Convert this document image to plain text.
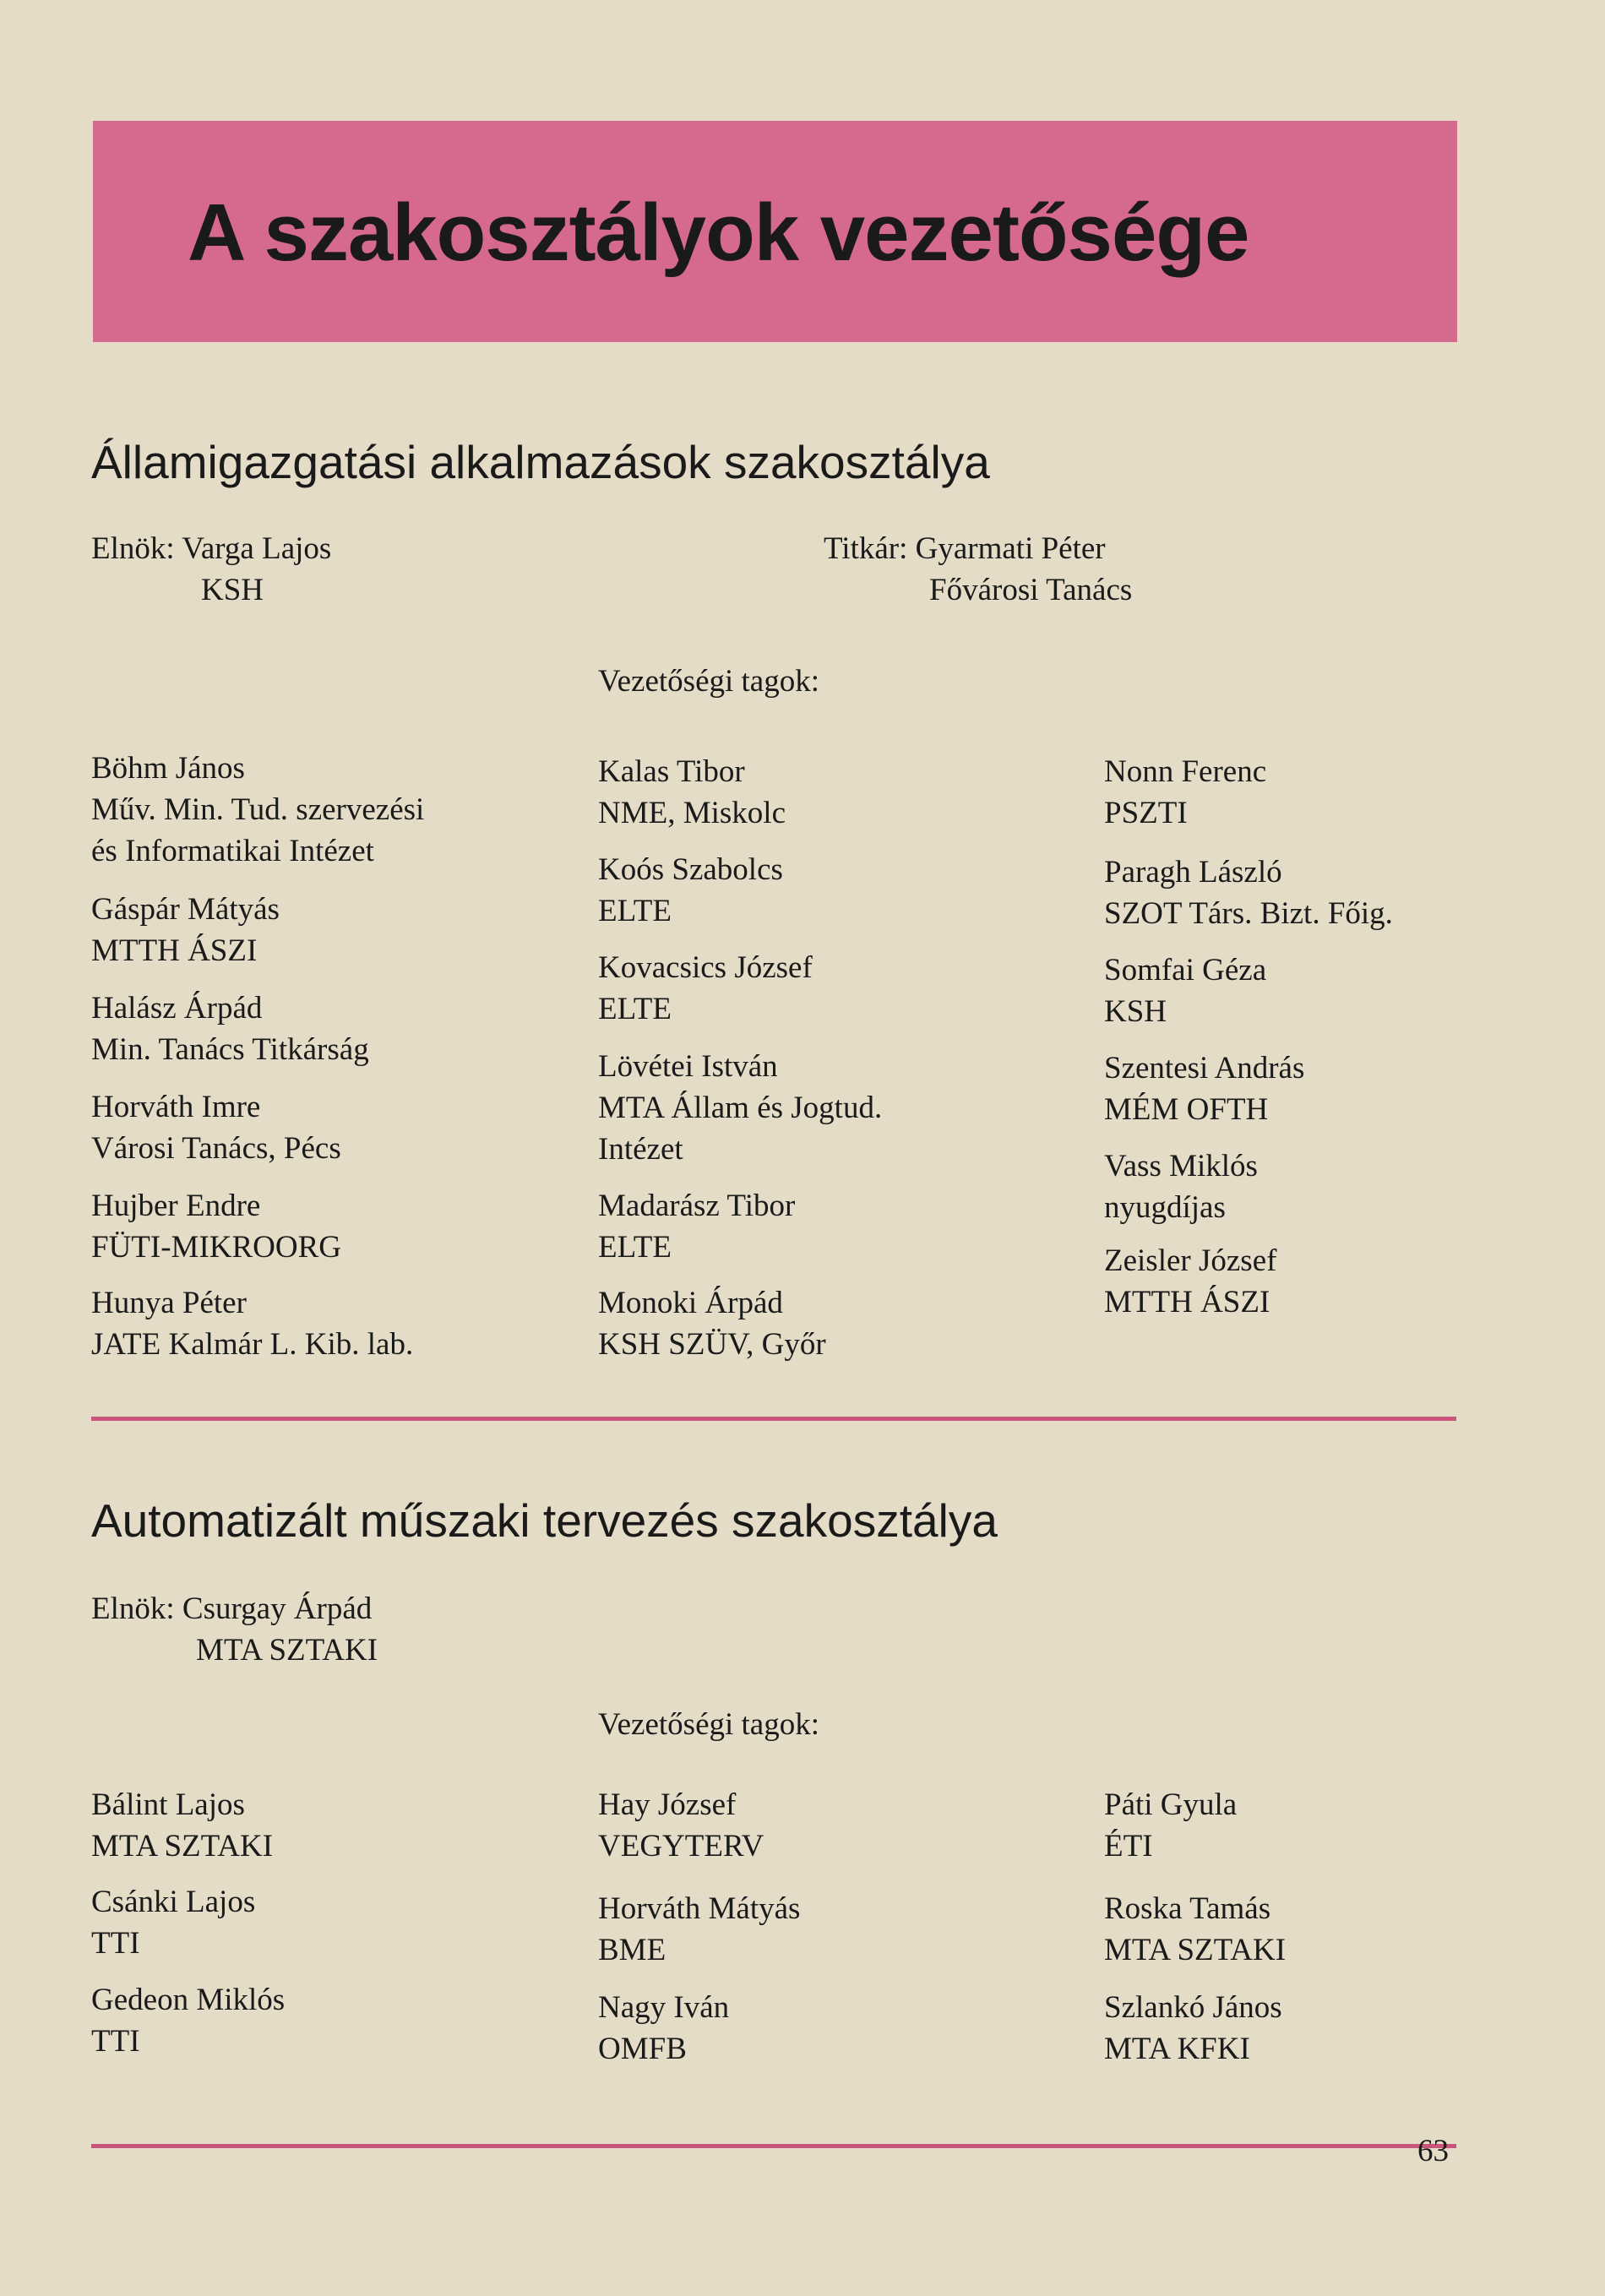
A szakosztályok vezetősége
Államigazgatási alkalmazások szakosztálya

Elnök: Varga Lajos

KSH

Titkár: Gyarmati Péter

Fővárosi Tanács

Vezetőségi tagok:

Böhm János
Műv. Min. Tud. szervezési
és Informatikai Intézet
Gáspár Mátyás
MTTH ÁSZI
Halász Árpád
Min. Tanács Titkárság
Horváth Imre
Városi Tanács, Pécs
Hujber Endre
FÜTI-MIKROORG
Hunya Péter
JATE Kalmár L. Kib. lab.
Kalas Tibor
NME, Miskolc
Koós Szabolcs
ELTE
Kovacsics József
ELTE
Lövétei István
MTA Állam és Jogtud.
Intézet
Madarász Tibor
ELTE
Monoki Árpád
KSH SZÜV, Győr
Nonn Ferenc
PSZTI
Paragh László
SZOT Társ. Bizt. Főig.
Somfai Géza
KSH
Szentesi András
MÉM OFTH
Vass Miklós
nyugdíjas
Zeisler József
MTTH ÁSZI
Automatizált műszaki tervezés szakosztálya

Elnök: Csurgay Árpád

MTA SZTAKI

Vezetőségi tagok:

Bálint Lajos
MTA SZTAKI
Csánki Lajos
TTI
Gedeon Miklós
TTI
Hay József
VEGYTERV
Horváth Mátyás
BME
Nagy Iván
OMFB
Páti Gyula
ÉTI
Roska Tamás
MTA SZTAKI
Szlankó János
MTA KFKI
63
